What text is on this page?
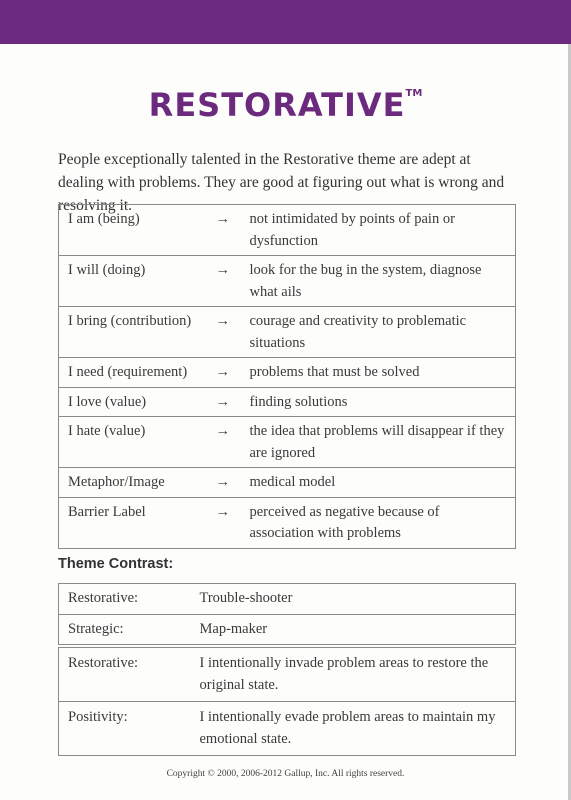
RESTORATIVE™

People exceptionally talented in the Restorative theme are adept at dealing with problems. They are good at figuring out what is wrong and resolving it.

I am (being)	→	not intimidated by points of pain or dysfunction
I will (doing)	→	look for the bug in the system, diagnose what ails
I bring (contribution)	→	courage and creativity to problematic situations
I need (requirement)	→	problems that must be solved
I love (value)	→	finding solutions
I hate (value)	→	the idea that problems will disappear if they are ignored
Metaphor/Image	→	medical model
Barrier Label	→	perceived as negative because of association with problems
Theme Contrast:
Restorative:	Trouble-shooter
Strategic:	Map-maker
Restorative:	I intentionally invade problem areas to restore the original state.
Positivity:	I intentionally evade problem areas to maintain my emotional state.
Copyright © 2000, 2006-2012 Gallup, Inc. All rights reserved.
